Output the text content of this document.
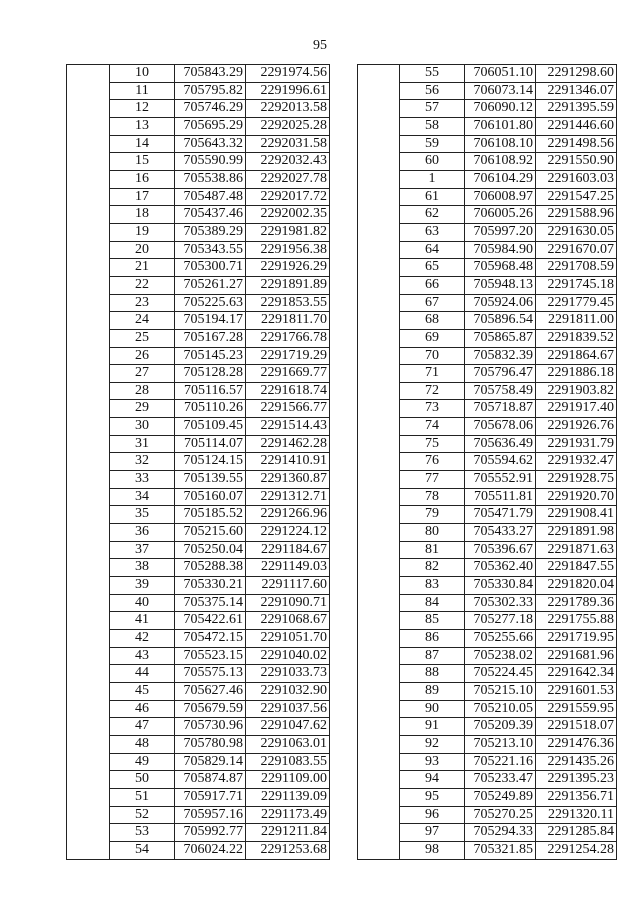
95
	10	705843.29	2291974.56
	11	705795.82	2291996.61
	12	705746.29	2292013.58
	13	705695.29	2292025.28
	14	705643.32	2292031.58
	15	705590.99	2292032.43
	16	705538.86	2292027.78
	17	705487.48	2292017.72
	18	705437.46	2292002.35
	19	705389.29	2291981.82
	20	705343.55	2291956.38
	21	705300.71	2291926.29
	22	705261.27	2291891.89
	23	705225.63	2291853.55
	24	705194.17	2291811.70
	25	705167.28	2291766.78
	26	705145.23	2291719.29
	27	705128.28	2291669.77
	28	705116.57	2291618.74
	29	705110.26	2291566.77
	30	705109.45	2291514.43
	31	705114.07	2291462.28
	32	705124.15	2291410.91
	33	705139.55	2291360.87
	34	705160.07	2291312.71
	35	705185.52	2291266.96
	36	705215.60	2291224.12
	37	705250.04	2291184.67
	38	705288.38	2291149.03
	39	705330.21	2291117.60
	40	705375.14	2291090.71
	41	705422.61	2291068.67
	42	705472.15	2291051.70
	43	705523.15	2291040.02
	44	705575.13	2291033.73
	45	705627.46	2291032.90
	46	705679.59	2291037.56
	47	705730.96	2291047.62
	48	705780.98	2291063.01
	49	705829.14	2291083.55
	50	705874.87	2291109.00
	51	705917.71	2291139.09
	52	705957.16	2291173.49
	53	705992.77	2291211.84
	54	706024.22	2291253.68
	55	706051.10	2291298.60
	56	706073.14	2291346.07
	57	706090.12	2291395.59
	58	706101.80	2291446.60
	59	706108.10	2291498.56
	60	706108.92	2291550.90
	1	706104.29	2291603.03
	61	706008.97	2291547.25
	62	706005.26	2291588.96
	63	705997.20	2291630.05
	64	705984.90	2291670.07
	65	705968.48	2291708.59
	66	705948.13	2291745.18
	67	705924.06	2291779.45
	68	705896.54	2291811.00
	69	705865.87	2291839.52
	70	705832.39	2291864.67
	71	705796.47	2291886.18
	72	705758.49	2291903.82
	73	705718.87	2291917.40
	74	705678.06	2291926.76
	75	705636.49	2291931.79
	76	705594.62	2291932.47
	77	705552.91	2291928.75
	78	705511.81	2291920.70
	79	705471.79	2291908.41
	80	705433.27	2291891.98
	81	705396.67	2291871.63
	82	705362.40	2291847.55
	83	705330.84	2291820.04
	84	705302.33	2291789.36
	85	705277.18	2291755.88
	86	705255.66	2291719.95
	87	705238.02	2291681.96
	88	705224.45	2291642.34
	89	705215.10	2291601.53
	90	705210.05	2291559.95
	91	705209.39	2291518.07
	92	705213.10	2291476.36
	93	705221.16	2291435.26
	94	705233.47	2291395.23
	95	705249.89	2291356.71
	96	705270.25	2291320.11
	97	705294.33	2291285.84
	98	705321.85	2291254.28
